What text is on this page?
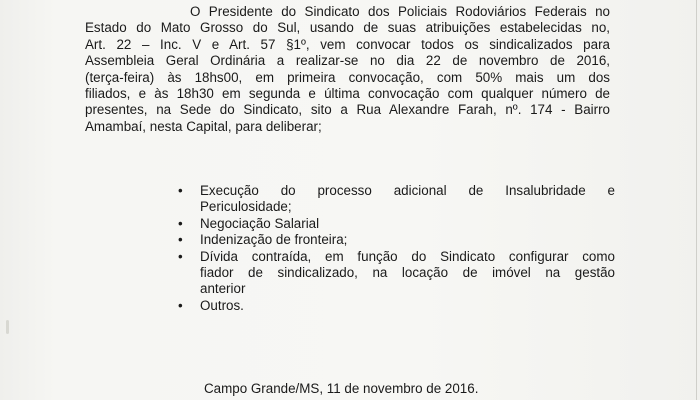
O Presidente do Sindicato dos Policiais Rodoviários Federais no
Estado do Mato Grosso do Sul, usando de suas atribuições estabelecidas no,
Art. 22 – Inc. V e Art. 57 §1º, vem convocar todos os sindicalizados para
Assembleia Geral Ordinária a realizar-se no dia 22 de novembro de 2016,
(terça-feira) às 18hs00, em primeira convocação, com 50% mais um dos
filiados, e às 18h30 em segunda e última convocação com qualquer número de
presentes, na Sede do Sindicato, sito a Rua Alexandre Farah, nº. 174 - Bairro
Amambaí, nesta Capital, para deliberar;

• Execução do processo adicional de Insalubridade e
Periculosidade;
• Negociação Salarial
• Indenização de fronteira;
• Dívida contraída, em função do Sindicato configurar como
fiador de sindicalizado, na locação de imóvel na gestão
anterior
• Outros.

Campo Grande/MS, 11 de novembro de 2016.
